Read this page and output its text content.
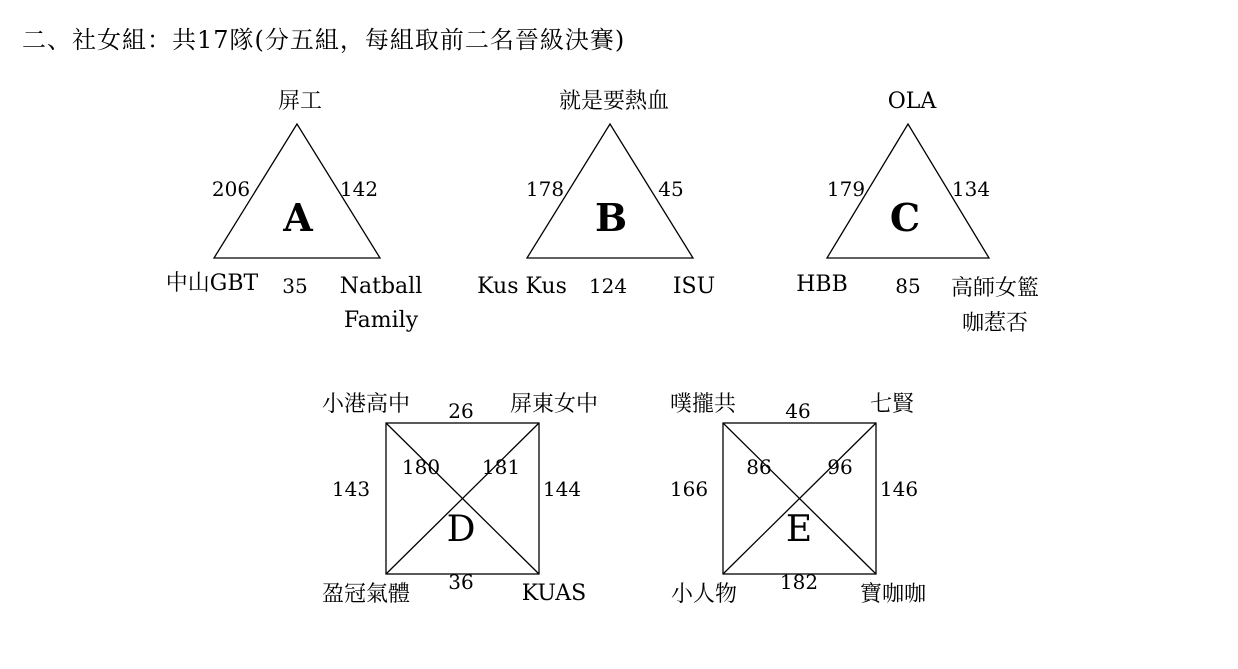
二、社女組：共17隊(分五組，每組取前二名晉級決賽)
A
屏工
中山GBT	Natball
Family
206	142
35
B
就是要熱血
Kus Kus	ISU
178	45
124
C
OLA
HBB	高師女籃
咖惹否
179	134
85
D
小港高中	屏東女中
盈冠氣體	KUAS
26
143	144
36
180 181
E
噗攏共	七賢
小人物	寶咖咖
46
166	146
182
86	96
